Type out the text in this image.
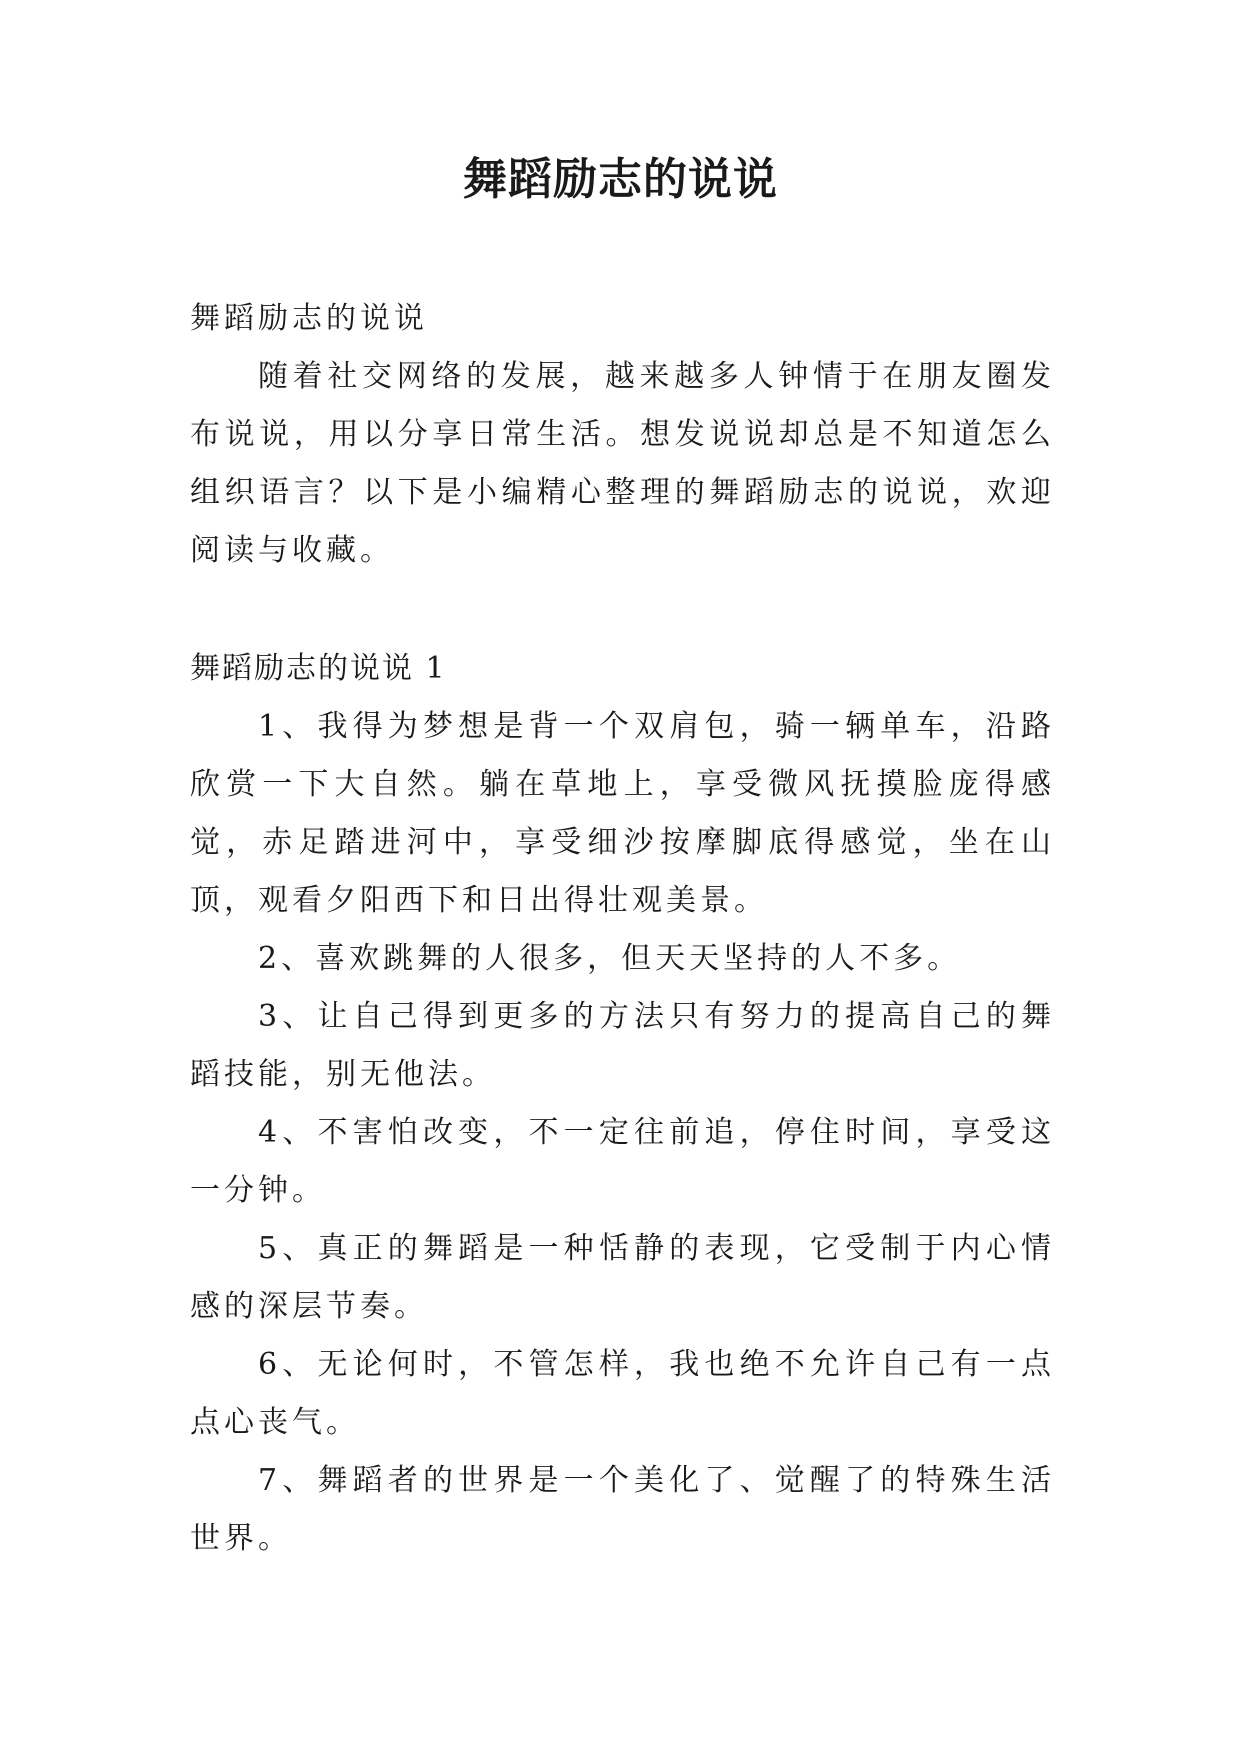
舞蹈励志的说说

舞蹈励志的说说

随着社交网络的发展，越来越多人钟情于在朋友圈发布说说，用以分享日常生活。想发说说却总是不知道怎么组织语言？以下是小编精心整理的舞蹈励志的说说，欢迎阅读与收藏。

舞蹈励志的说说 1

1、我得为梦想是背一个双肩包，骑一辆单车，沿路欣赏一下大自然。躺在草地上，享受微风抚摸脸庞得感觉，赤足踏进河中，享受细沙按摩脚底得感觉，坐在山顶，观看夕阳西下和日出得壮观美景。

2、喜欢跳舞的人很多，但天天坚持的人不多。

3、让自己得到更多的方法只有努力的提高自己的舞蹈技能，别无他法。

4、不害怕改变，不一定往前追，停住时间，享受这一分钟。

5、真正的舞蹈是一种恬静的表现，它受制于内心情感的深层节奏。

6、无论何时，不管怎样，我也绝不允许自己有一点点心丧气。

7、舞蹈者的世界是一个美化了、觉醒了的特殊生活世界。
